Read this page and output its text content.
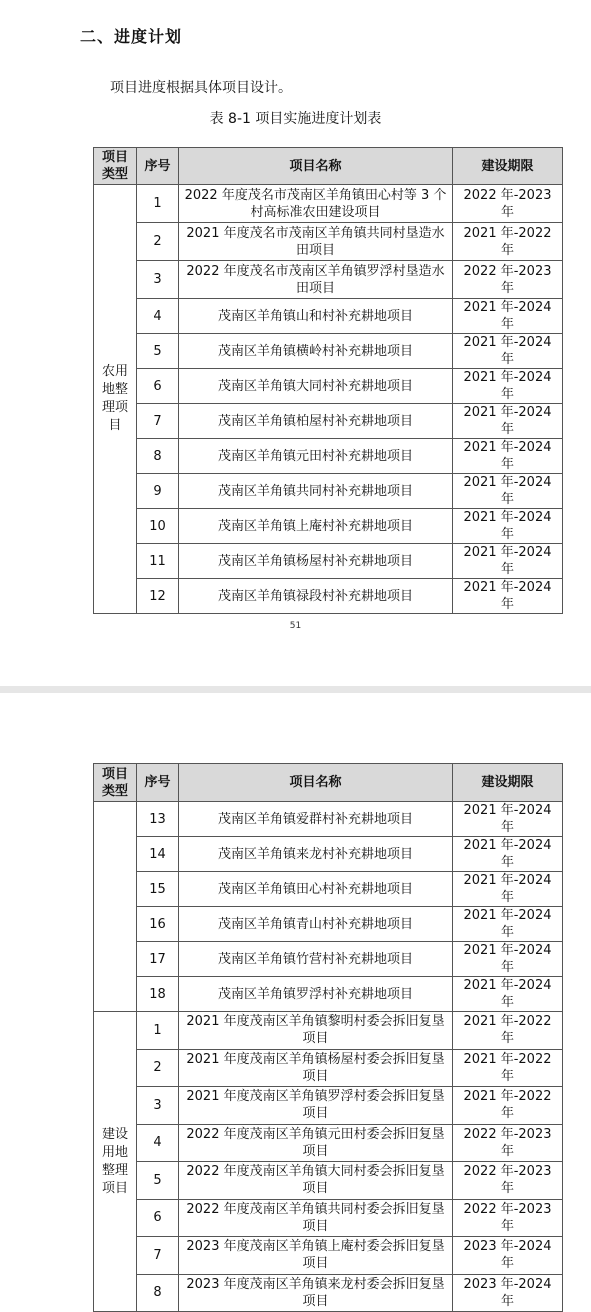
二、进度计划
项目进度根据具体项目设计。
表 8-1 项目实施进度计划表
项目类型	序号	项目名称	建设期限
农用地整理项目	1	2022 年度茂名市茂南区羊角镇田心村等 3 个村高标准农田建设项目	2022 年-2023 年
	2	2021 年度茂名市茂南区羊角镇共同村垦造水田项目	2021 年-2022 年
	3	2022 年度茂名市茂南区羊角镇罗浮村垦造水田项目	2022 年-2023 年
	4	茂南区羊角镇山和村补充耕地项目	2021 年-2024 年
	5	茂南区羊角镇横岭村补充耕地项目	2021 年-2024 年
	6	茂南区羊角镇大同村补充耕地项目	2021 年-2024 年
	7	茂南区羊角镇柏屋村补充耕地项目	2021 年-2024 年
	8	茂南区羊角镇元田村补充耕地项目	2021 年-2024 年
	9	茂南区羊角镇共同村补充耕地项目	2021 年-2024 年
	10	茂南区羊角镇上庵村补充耕地项目	2021 年-2024 年
	11	茂南区羊角镇杨屋村补充耕地项目	2021 年-2024 年
	12	茂南区羊角镇禄段村补充耕地项目	2021 年-2024 年
51
项目类型	序号	项目名称	建设期限
	13	茂南区羊角镇爱群村补充耕地项目	2021 年-2024 年
	14	茂南区羊角镇来龙村补充耕地项目	2021 年-2024 年
	15	茂南区羊角镇田心村补充耕地项目	2021 年-2024 年
	16	茂南区羊角镇青山村补充耕地项目	2021 年-2024 年
	17	茂南区羊角镇竹营村补充耕地项目	2021 年-2024 年
	18	茂南区羊角镇罗浮村补充耕地项目	2021 年-2024 年
建设用地整理项目	1	2021 年度茂南区羊角镇黎明村委会拆旧复垦项目	2021 年-2022 年
	2	2021 年度茂南区羊角镇杨屋村委会拆旧复垦项目	2021 年-2022 年
	3	2021 年度茂南区羊角镇罗浮村委会拆旧复垦项目	2021 年-2022 年
	4	2022 年度茂南区羊角镇元田村委会拆旧复垦项目	2022 年-2023 年
	5	2022 年度茂南区羊角镇大同村委会拆旧复垦项目	2022 年-2023 年
	6	2022 年度茂南区羊角镇共同村委会拆旧复垦项目	2022 年-2023 年
	7	2023 年度茂南区羊角镇上庵村委会拆旧复垦项目	2023 年-2024 年
	8	2023 年度茂南区羊角镇来龙村委会拆旧复垦项目	2023 年-2024 年
